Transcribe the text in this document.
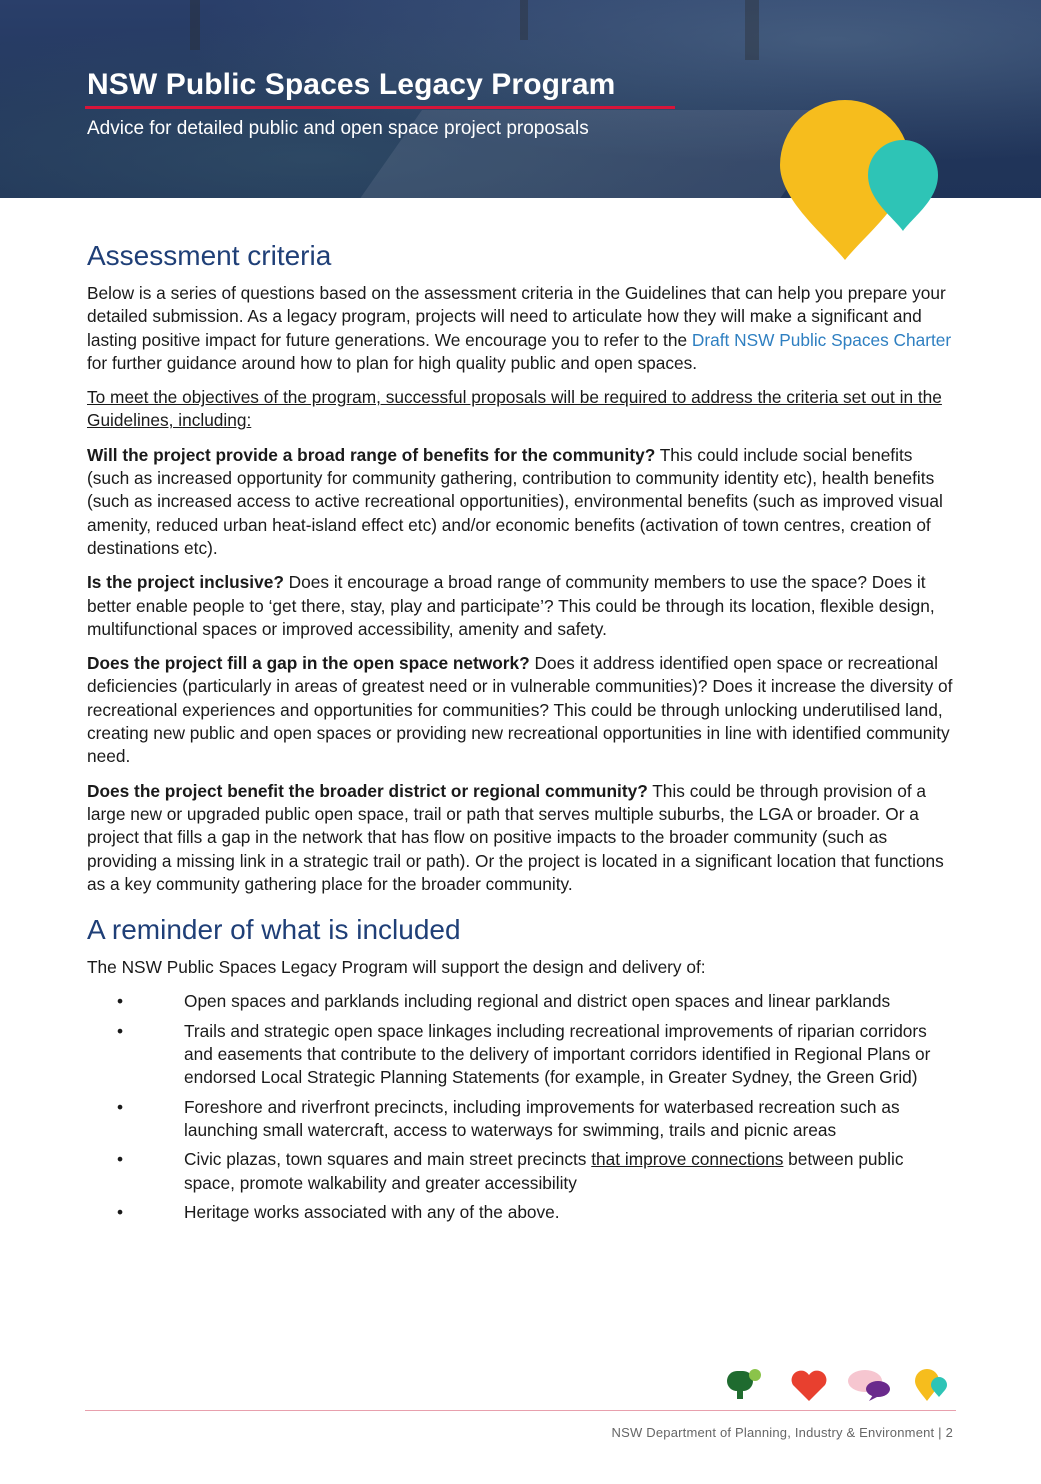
NSW Public Spaces Legacy Program

Advice for detailed public and open space project proposals

Assessment criteria

Below is a series of questions based on the assessment criteria in the Guidelines that can help you prepare your detailed submission. As a legacy program, projects will need to articulate how they will make a significant and lasting positive impact for future generations. We encourage you to refer to the Draft NSW Public Spaces Charter for further guidance around how to plan for high quality public and open spaces.

To meet the objectives of the program, successful proposals will be required to address the criteria set out in the Guidelines, including:

Will the project provide a broad range of benefits for the community? This could include social benefits (such as increased opportunity for community gathering, contribution to community identity etc), health benefits (such as increased access to active recreational opportunities), environmental benefits (such as improved visual amenity, reduced urban heat-island effect etc) and/or economic benefits (activation of town centres, creation of destinations etc).

Is the project inclusive? Does it encourage a broad range of community members to use the space? Does it better enable people to ‘get there, stay, play and participate’? This could be through its location, flexible design, multifunctional spaces or improved accessibility, amenity and safety.

Does the project fill a gap in the open space network? Does it address identified open space or recreational deficiencies (particularly in areas of greatest need or in vulnerable communities)? Does it increase the diversity of recreational experiences and opportunities for communities? This could be through unlocking underutilised land, creating new public and open spaces or providing new recreational opportunities in line with identified community need.

Does the project benefit the broader district or regional community? This could be through provision of a large new or upgraded public open space, trail or path that serves multiple suburbs, the LGA or broader. Or a project that fills a gap in the network that has flow on positive impacts to the broader community (such as providing a missing link in a strategic trail or path). Or the project is located in a significant location that functions as a key community gathering place for the broader community.

A reminder of what is included

The NSW Public Spaces Legacy Program will support the design and delivery of:

•	Open spaces and parklands including regional and district open spaces and linear parklands
•	Trails and strategic open space linkages including recreational improvements of riparian corridors and easements that contribute to the delivery of important corridors identified in Regional Plans or endorsed Local Strategic Planning Statements (for example, in Greater Sydney, the Green Grid)
•	Foreshore and riverfront precincts, including improvements for waterbased recreation such as launching small watercraft, access to waterways for swimming, trails and picnic areas
•	Civic plazas, town squares and main street precincts that improve connections between public space, promote walkability and greater accessibility
•	Heritage works associated with any of the above.

NSW Department of Planning, Industry & Environment | 2
